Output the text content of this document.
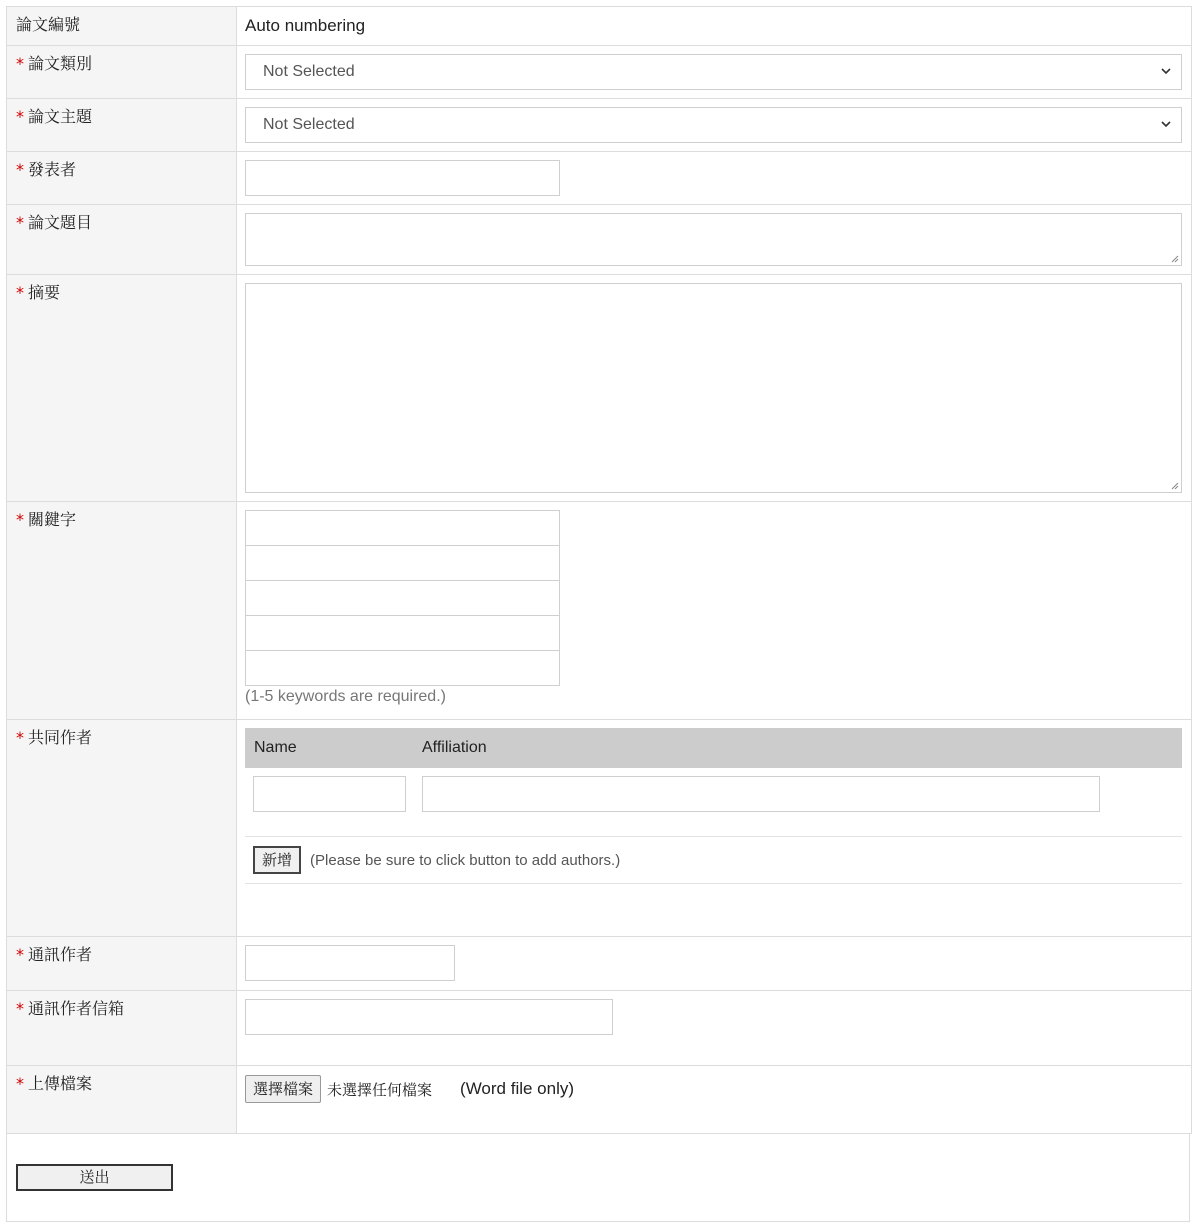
論文編號	Auto numbering
* 論文類別	Not Selected
* 論文主題	Not Selected
* 發表者
* 論文題目
* 摘要
* 關鍵字
(1-5 keywords are required.)
* 共同作者
Name	Affiliation
新增	(Please be sure to click button to add authors.)
* 通訊作者
* 通訊作者信箱
* 上傳檔案	選擇檔案 未選擇任何檔案 (Word file only)
送出
